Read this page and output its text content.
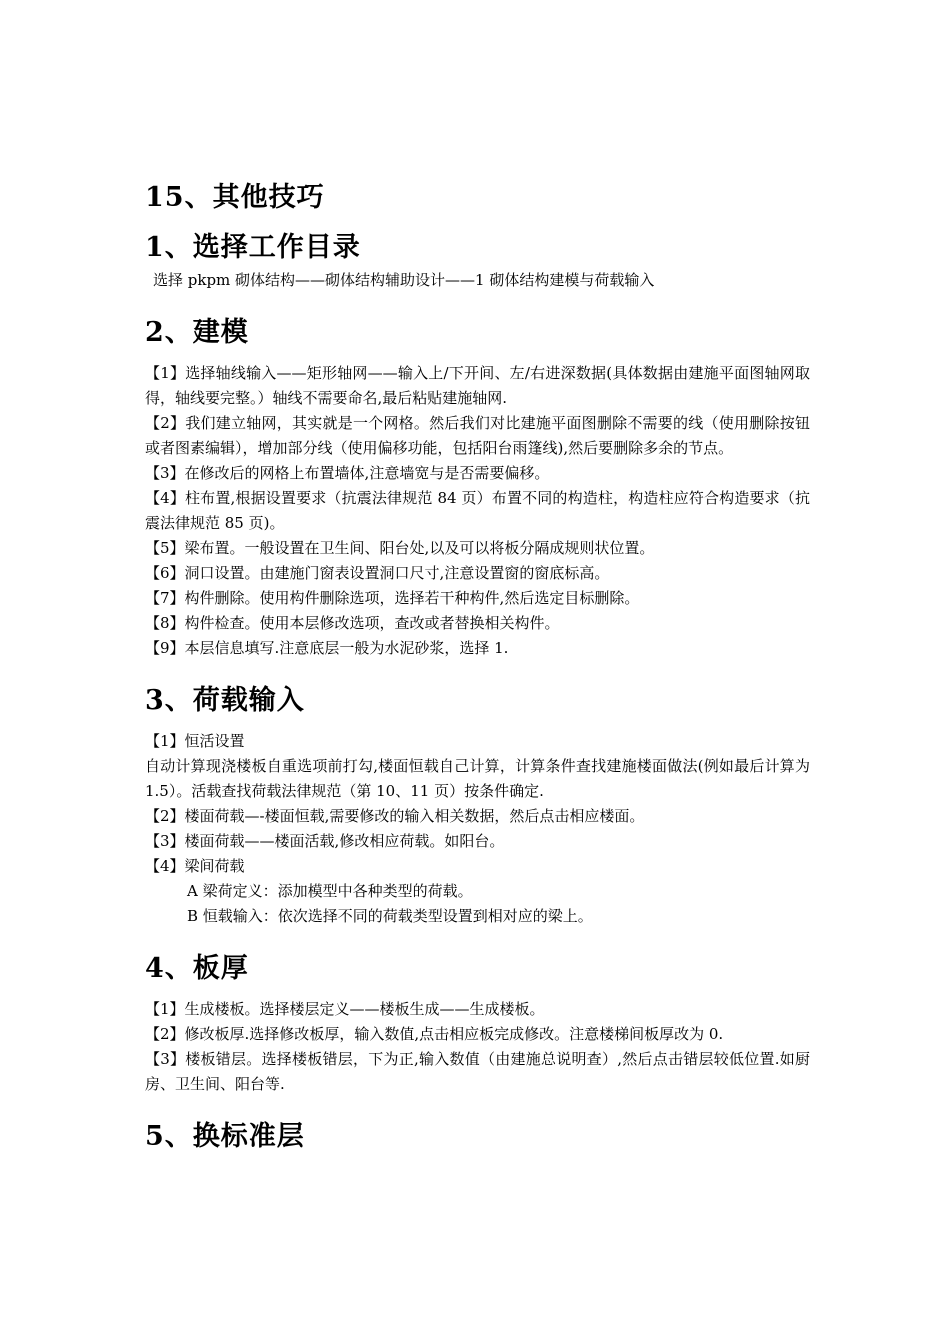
15、其他技巧
1、选择工作目录

选择 pkpm 砌体结构——砌体结构辅助设计——1 砌体结构建模与荷载输入

2、建模

【1】选择轴线输入——矩形轴网——输入上/下开间、左/右进深数据(具体数据由建施平面图轴网取得，轴线要完整。）轴线不需要命名,最后粘贴建施轴网.

【2】我们建立轴网，其实就是一个网格。然后我们对比建施平面图删除不需要的线（使用删除按钮或者图素编辑），增加部分线（使用偏移功能，包括阳台雨篷线),然后要删除多余的节点。

【3】在修改后的网格上布置墙体,注意墙宽与是否需要偏移。

【4】柱布置,根据设置要求（抗震法律规范 84 页）布置不同的构造柱，构造柱应符合构造要求（抗震法律规范 85 页)。

【5】梁布置。一般设置在卫生间、阳台处,以及可以将板分隔成规则状位置。

【6】洞口设置。由建施门窗表设置洞口尺寸,注意设置窗的窗底标高。

【7】构件删除。使用构件删除选项，选择若干种构件,然后选定目标删除。

【8】构件检查。使用本层修改选项，查改或者替换相关构件。

【9】本层信息填写.注意底层一般为水泥砂浆，选择 1.

3、荷载输入

【1】恒活设置

自动计算现浇楼板自重选项前打勾,楼面恒载自己计算，计算条件查找建施楼面做法(例如最后计算为 1.5）。活载查找荷载法律规范（第 10、11 页）按条件确定.

【2】楼面荷载—-楼面恒载,需要修改的输入相关数据，然后点击相应楼面。

【3】楼面荷载——楼面活载,修改相应荷载。如阳台。

【4】梁间荷载

A 梁荷定义：添加模型中各种类型的荷载。

B 恒载输入：依次选择不同的荷载类型设置到相对应的梁上。

4、板厚

【1】生成楼板。选择楼层定义——楼板生成——生成楼板。

【2】修改板厚.选择修改板厚，输入数值,点击相应板完成修改。注意楼梯间板厚改为 0.

【3】楼板错层。选择楼板错层，下为正,输入数值（由建施总说明查）,然后点击错层较低位置.如厨房、卫生间、阳台等.

5、换标准层
